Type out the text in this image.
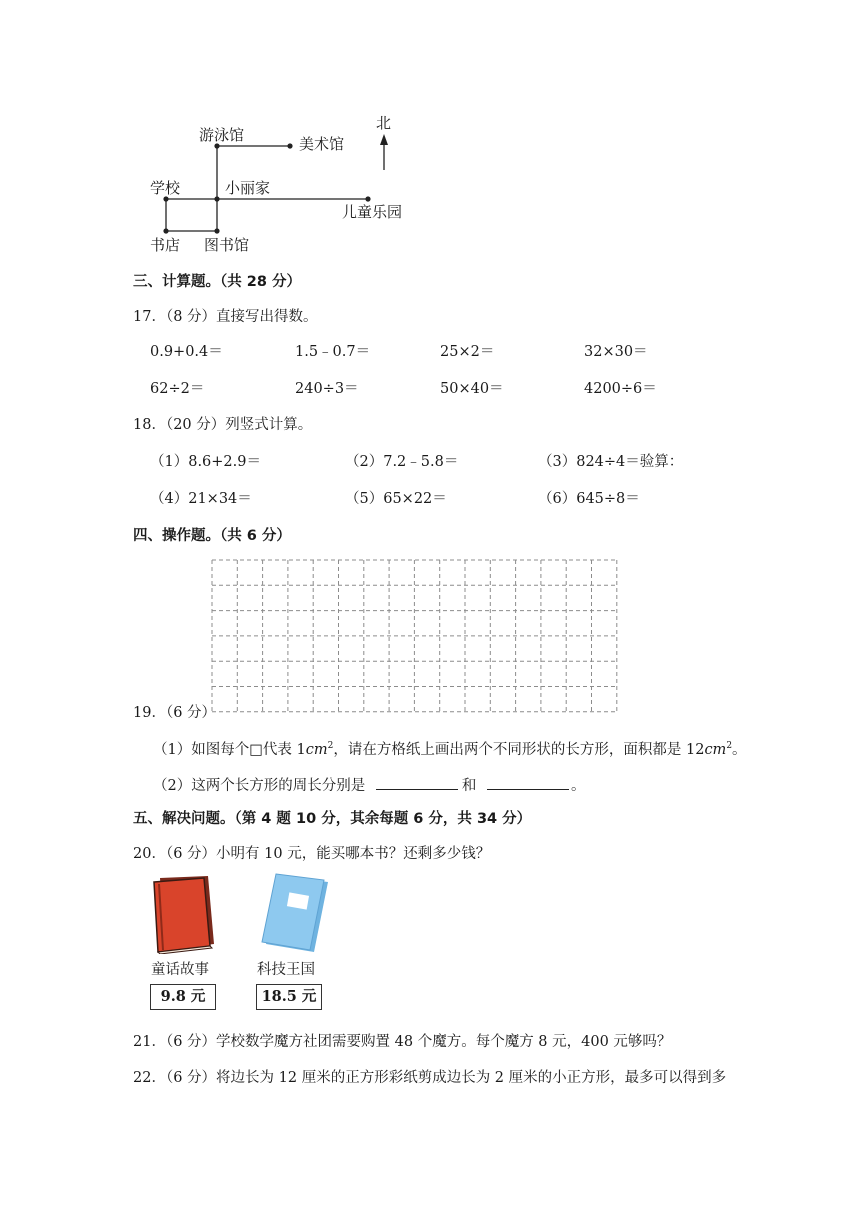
北
游泳馆	美术馆
学校	小丽家
儿童乐园
书店 图书馆
三、计算题。（共 28 分）
17．（8 分）直接写出得数。
0.9+0.4＝	1.5﹣0.7＝	25×2＝	32×30＝
62÷2＝	240÷3＝	50×40＝	4200÷6＝
18．（20 分）列竖式计算。
（1）8.6+2.9＝	（2）7.2﹣5.8＝	（3）824÷4＝验算：
（4）21×34＝	（5）65×22＝	（6）645÷8＝
四、操作题。（共 6 分）
19．（6 分）
（1）如图每个□代表 $1cm^2$，请在方格纸上画出两个不同形状的长方形，面积都是 $12cm^2$。
（2）这两个长方形的周长分别是	和	。
五、解决问题。（第 4 题 10 分，其余每题 6 分，共 34 分）
20．（6 分）小明有 10 元，能买哪本书？还剩多少钱？
童话故事
9.8 元
科技王国
18.5 元
21．（6 分）学校数学魔方社团需要购置 48 个魔方。每个魔方 8 元，400 元够吗？
22．（6 分）将边长为 12 厘米的正方形彩纸剪成边长为 2 厘米的小正方形，最多可以得到多
